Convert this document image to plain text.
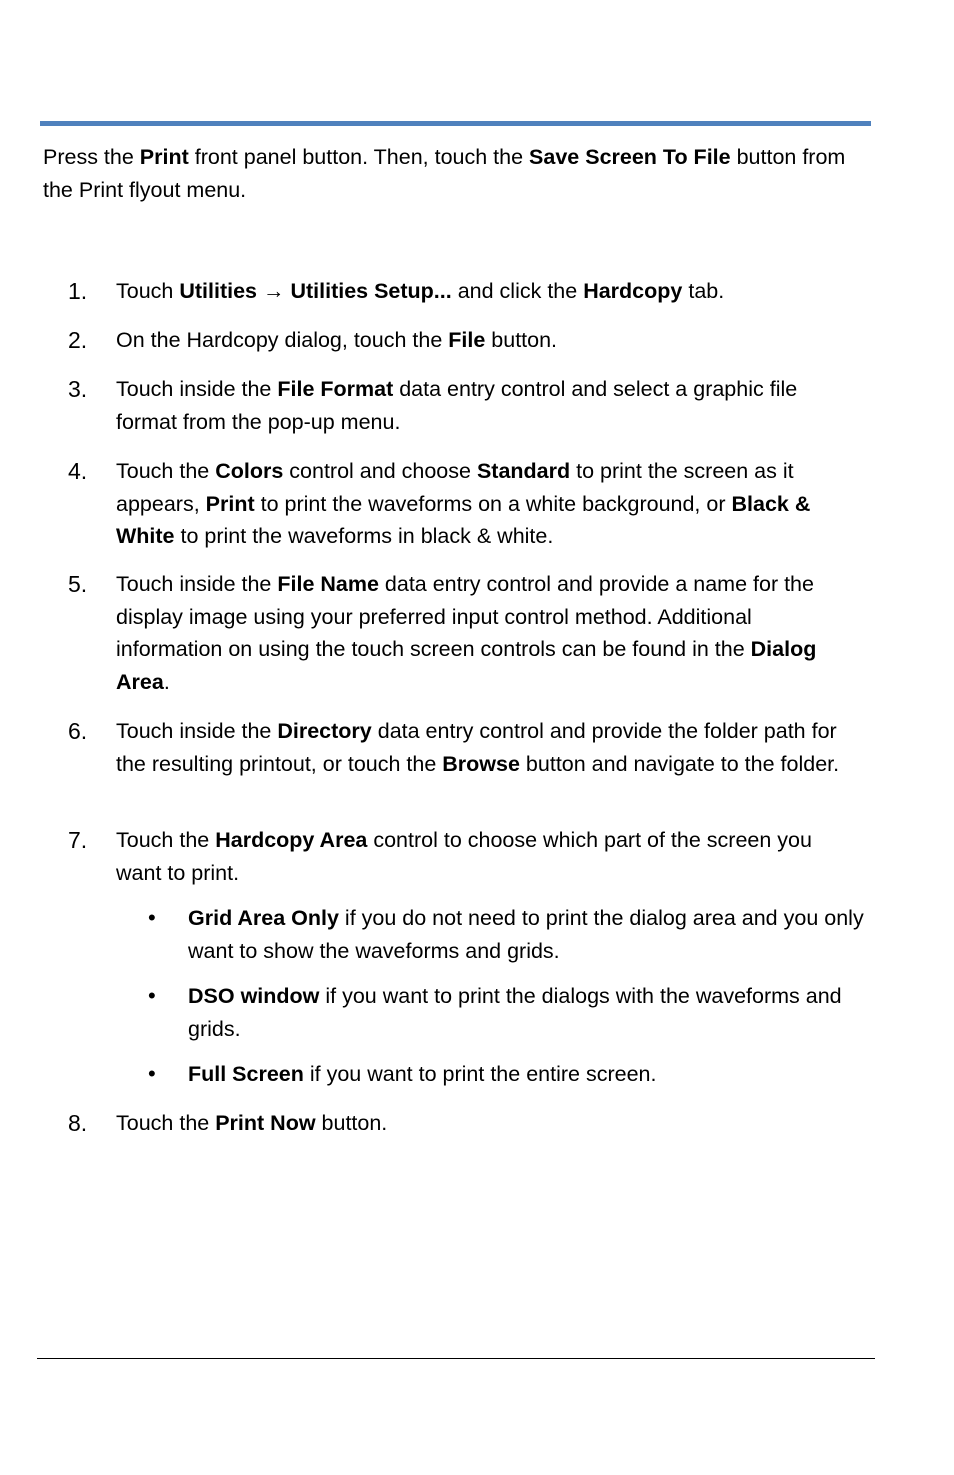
Press the Print front panel button. Then, touch the Save Screen To File button from the Print flyout menu.

1.	Touch Utilities → Utilities Setup... and click the Hardcopy tab.

2.	On the Hardcopy dialog, touch the File button.

3.	Touch inside the File Format data entry control and select a graphic file format from the pop-up menu.

4.	Touch the Colors control and choose Standard to print the screen as it appears, Print to print the waveforms on a white background, or Black & White to print the waveforms in black & white.

5.	Touch inside the File Name data entry control and provide a name for the display image using your preferred input control method. Additional information on using the touch screen controls can be found in the Dialog Area.

6.	Touch inside the Directory data entry control and provide the folder path for the resulting printout, or touch the Browse button and navigate to the folder.

7.	Touch the Hardcopy Area control to choose which part of the screen you want to print.

•	Grid Area Only if you do not need to print the dialog area and you only want to show the waveforms and grids.

•	DSO window if you want to print the dialogs with the waveforms and grids.

•	Full Screen if you want to print the entire screen.

8.	Touch the Print Now button.
